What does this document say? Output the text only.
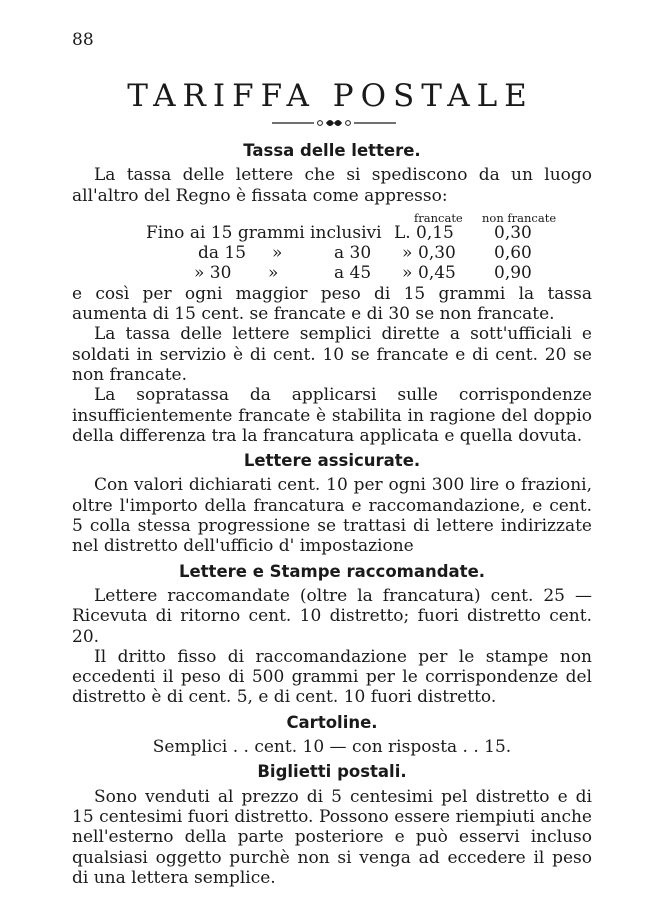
88
TARIFFA POSTALE
Tassa delle lettere.

La tassa delle lettere che si spediscono da un luogo all'altro del Regno è fissata come appresso:

francate non francate
Fino ai 15 grammi inclusivi L. 0,15 0,30
da 15 »	a 30 » 0,30 0,60
» 30 »	a 45 » 0,45 0,90

e così per ogni maggior peso di 15 grammi la tassa aumenta di 15 cent. se francate e di 30 se non francate.

La tassa delle lettere semplici dirette a sott'ufficiali e soldati in servizio è di cent. 10 se francate e di cent. 20 se non francate.

La sopratassa da applicarsi sulle corrispondenze insufficientemente francate è stabilita in ragione del doppio della differenza tra la francatura applicata e quella dovuta.

Lettere assicurate.

Con valori dichiarati cent. 10 per ogni 300 lire o frazioni, oltre l'importo della francatura e raccomandazione, e cent. 5 colla stessa progressione se trattasi di lettere indirizzate nel distretto dell'ufficio d' impostazione

Lettere e Stampe raccomandate.

Lettere raccomandate (oltre la francatura) cent. 25 — Ricevuta di ritorno cent. 10 distretto; fuori distretto cent. 20.

Il dritto fisso di raccomandazione per le stampe non eccedenti il peso di 500 grammi per le corrispondenze del distretto è di cent. 5, e di cent. 10 fuori distretto.

Cartoline.

Semplici . . cent. 10 — con risposta . . 15.

Biglietti postali.

Sono venduti al prezzo di 5 centesimi pel distretto e di 15 centesimi fuori distretto. Possono essere riempiuti anche nell'esterno della parte posteriore e può esservi incluso qualsiasi oggetto purchè non si venga ad eccedere il peso di una lettera semplice.
